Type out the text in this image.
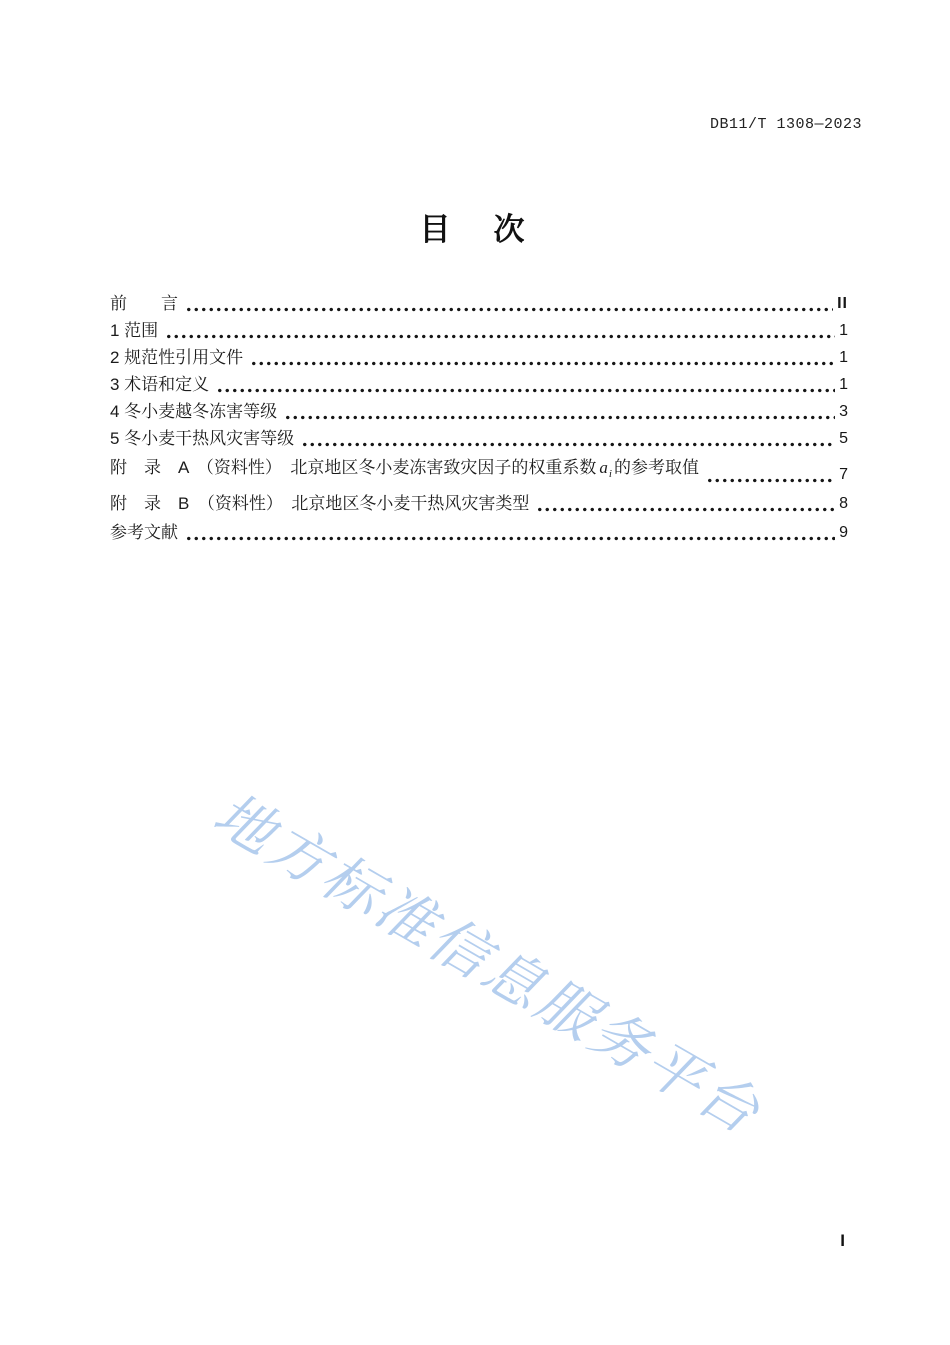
DB11/T 1308—2023
目　次
前　　言	II
1 范围	1
2 规范性引用文件	1
3 术语和定义	1
4 冬小麦越冬冻害等级	3
5 冬小麦干热风灾害等级	5
附　录　A　（资料性）　北京地区冬小麦冻害致灾因子的权重系数 $a_i$ 的参考取值	7
附　录　B　（资料性）　北京地区冬小麦干热风灾害类型	8
参考文献	9
地方标准信息服务平台
I
